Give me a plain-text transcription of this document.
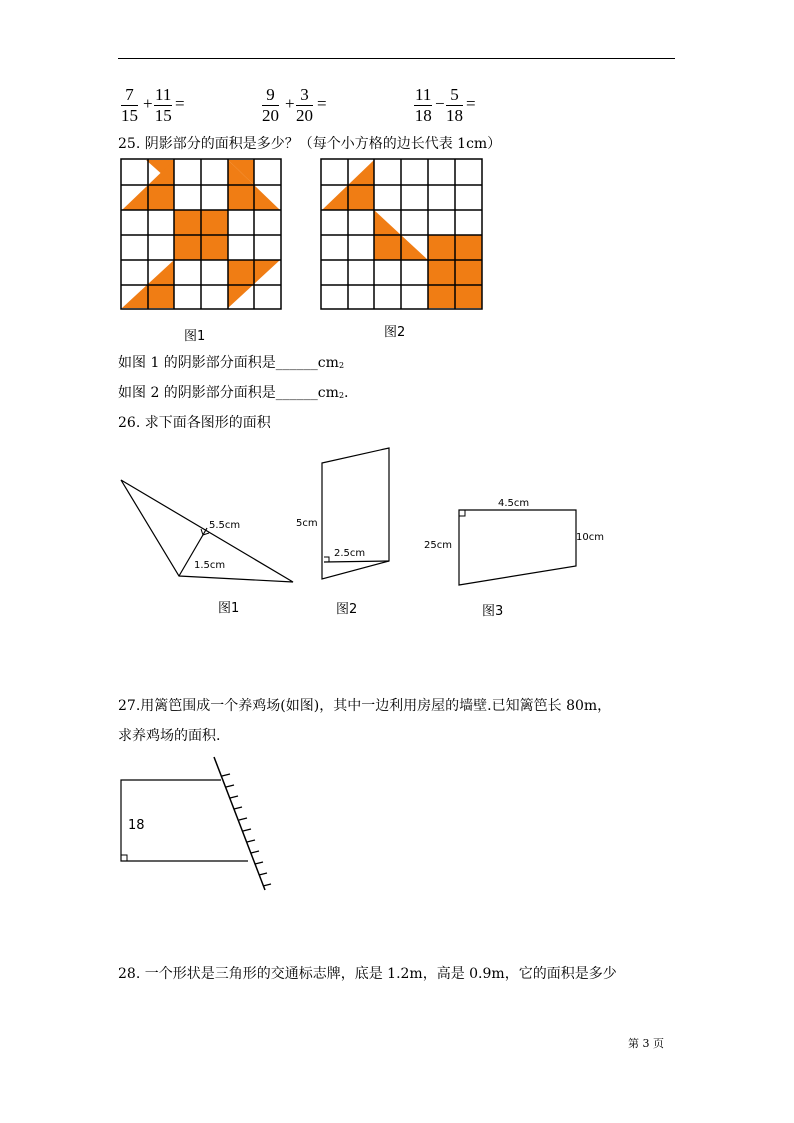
7
15
+ 11
15
=	9
20
+ 3
20
=	11
18
− 5
18
=
25. 阴影部分的面积是多少？（每个小方格的边长代表 1cm）
图1	图2
如图 1 的阴影部分面积是______cm2
如图 2 的阴影部分面积是______cm2.
26. 求下面各图形的面积
5.5cm
1.5cm
图1
5cm
2.5cm
图2
4.5cm
25cm
10cm
图3
27.用篱笆围成一个养鸡场(如图)，其中一边利用房屋的墙壁.已知篱笆长 80m，
求养鸡场的面积.
18
28. 一个形状是三角形的交通标志牌，底是 1.2m，高是 0.9m，它的面积是多少
第 3 页
